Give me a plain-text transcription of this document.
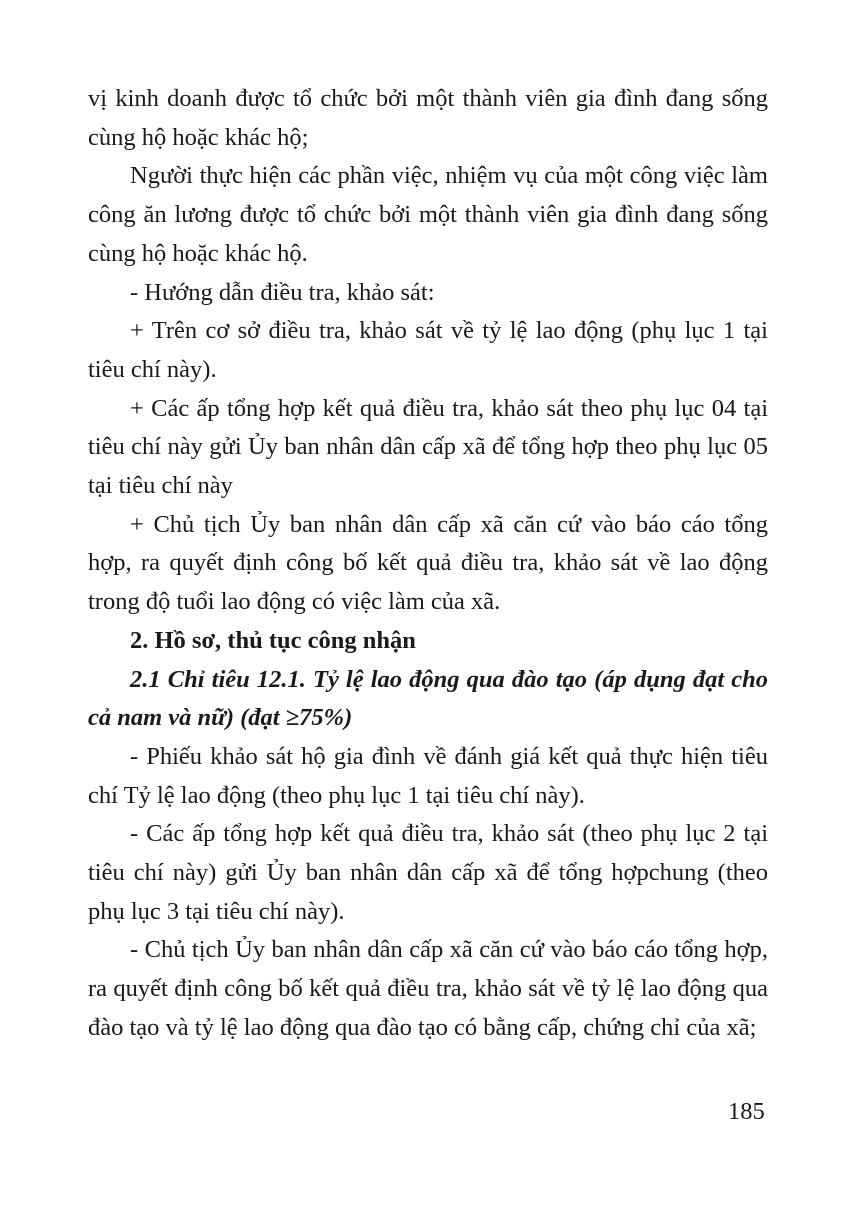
vị kinh doanh được tổ chức bởi một thành viên gia đình đang sống cùng hộ hoặc khác hộ;

Người thực hiện các phần việc, nhiệm vụ của một công việc làm công ăn lương được tổ chức bởi một thành viên gia đình đang sống cùng hộ hoặc khác hộ.

- Hướng dẫn điều tra, khảo sát:

+ Trên cơ sở điều tra, khảo sát về tỷ lệ lao động (phụ lục 1 tại tiêu chí này).

+ Các ấp tổng hợp kết quả điều tra, khảo sát theo phụ lục 04 tại tiêu chí này gửi Ủy ban nhân dân cấp xã để tổng hợp theo phụ lục 05 tại tiêu chí này

+ Chủ tịch Ủy ban nhân dân cấp xã căn cứ vào báo cáo tổng hợp, ra quyết định công bố kết quả điều tra, khảo sát về lao động trong độ tuổi lao động có việc làm của xã.

2. Hồ sơ, thủ tục công nhận

2.1 Chỉ tiêu 12.1. Tỷ lệ lao động qua đào tạo (áp dụng đạt cho cả nam và nữ) (đạt ≥75%)

- Phiếu khảo sát hộ gia đình về đánh giá kết quả thực hiện tiêu chí Tỷ lệ lao động (theo phụ lục 1 tại tiêu chí này).

- Các ấp tổng hợp kết quả điều tra, khảo sát (theo phụ lục 2 tại tiêu chí này) gửi Ủy ban nhân dân cấp xã để tổng hợpchung (theo phụ lục 3 tại tiêu chí này).

- Chủ tịch Ủy ban nhân dân cấp xã căn cứ vào báo cáo tổng hợp, ra quyết định công bố kết quả điều tra, khảo sát về tỷ lệ lao động qua đào tạo và tỷ lệ lao động qua đào tạo có bằng cấp, chứng chỉ của xã;

185
